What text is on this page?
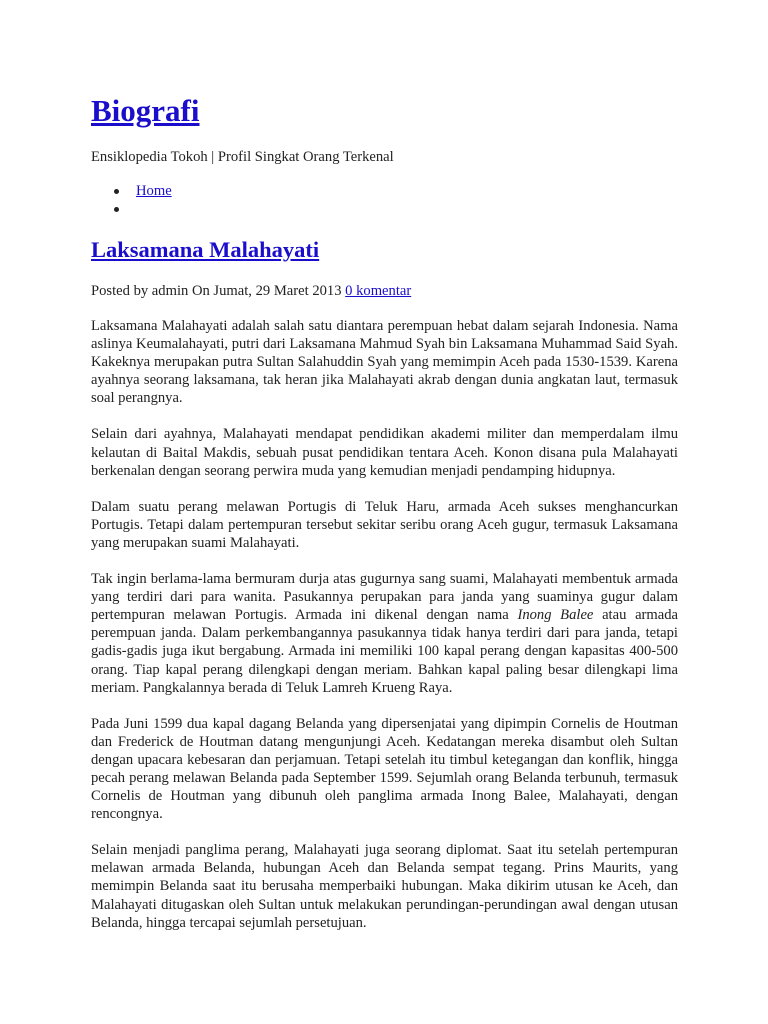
Biografi
Ensiklopedia Tokoh | Profil Singkat Orang Terkenal
Home
Laksamana Malahayati
Posted by admin On Jumat, 29 Maret 2013 0 komentar

Laksamana Malahayati adalah salah satu diantara perempuan hebat dalam sejarah Indonesia. Nama aslinya Keumalahayati, putri dari Laksamana Mahmud Syah bin Laksamana Muhammad Said Syah. Kakeknya merupakan putra Sultan Salahuddin Syah yang memimpin Aceh pada 1530-1539. Karena ayahnya seorang laksamana, tak heran jika Malahayati akrab dengan dunia angkatan laut, termasuk soal perangnya.

Selain dari ayahnya, Malahayati mendapat pendidikan akademi militer dan memperdalam ilmu kelautan di Baital Makdis, sebuah pusat pendidikan tentara Aceh. Konon disana pula Malahayati berkenalan dengan seorang perwira muda yang kemudian menjadi pendamping hidupnya.

Dalam suatu perang melawan Portugis di Teluk Haru, armada Aceh sukses menghancurkan Portugis. Tetapi dalam pertempuran tersebut sekitar seribu orang Aceh gugur, termasuk Laksamana yang merupakan suami Malahayati.

Tak ingin berlama-lama bermuram durja atas gugurnya sang suami, Malahayati membentuk armada yang terdiri dari para wanita. Pasukannya perupakan para janda yang suaminya gugur dalam pertempuran melawan Portugis. Armada ini dikenal dengan nama Inong Balee atau armada perempuan janda. Dalam perkembangannya pasukannya tidak hanya terdiri dari para janda, tetapi gadis-gadis juga ikut bergabung. Armada ini memiliki 100 kapal perang dengan kapasitas 400-500 orang. Tiap kapal perang dilengkapi dengan meriam. Bahkan kapal paling besar dilengkapi lima meriam. Pangkalannya berada di Teluk Lamreh Krueng Raya.

Pada Juni 1599 dua kapal dagang Belanda yang dipersenjatai yang dipimpin Cornelis de Houtman dan Frederick de Houtman datang mengunjungi Aceh. Kedatangan mereka disambut oleh Sultan dengan upacara kebesaran dan perjamuan. Tetapi setelah itu timbul ketegangan dan konflik, hingga pecah perang melawan Belanda pada September 1599. Sejumlah orang Belanda terbunuh, termasuk Cornelis de Houtman yang dibunuh oleh panglima armada Inong Balee, Malahayati, dengan rencongnya.

Selain menjadi panglima perang, Malahayati juga seorang diplomat. Saat itu setelah pertempuran melawan armada Belanda, hubungan Aceh dan Belanda sempat tegang. Prins Maurits, yang memimpin Belanda saat itu berusaha memperbaiki hubungan. Maka dikirim utusan ke Aceh, dan Malahayati ditugaskan oleh Sultan untuk melakukan perundingan-perundingan awal dengan utusan Belanda, hingga tercapai sejumlah persetujuan.
